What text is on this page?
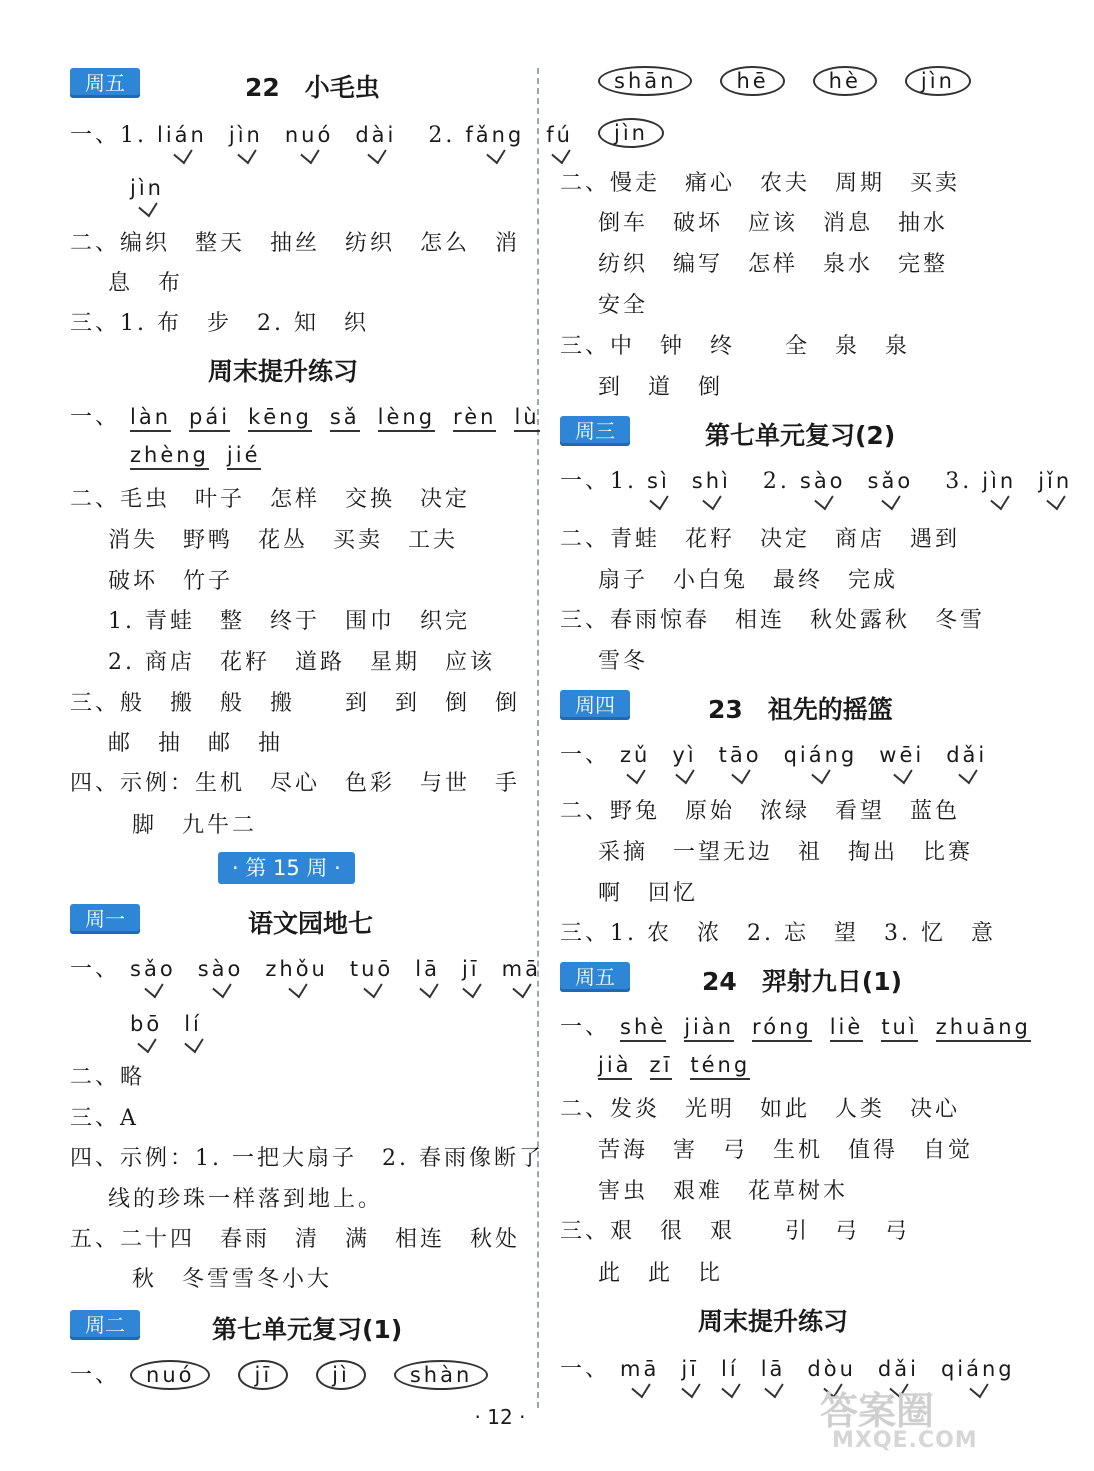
周五	22　小毛虫
一、1. lián jìn nuó dài 2. fǎng fú
jìn
二、编织　整天　抽丝　纺织　怎么　消
息　布
三、1. 布　步　2. 知　织
周末提升练习
一、 làn pái kēng sǎ lèng rèn lù
zhèng jié
二、毛虫　叶子　怎样　交换　决定
消失　野鸭　花丛　买卖　工夫
破坏　竹子
1. 青蛙　整　终于　围巾　织完
2. 商店　花籽　道路　星期　应该
三、般　搬　般　搬　　到　到　倒　倒
邮　抽　邮　抽
四、示例：生机　尽心　色彩　与世　手
脚　九牛二
· 第 15 周 ·
周一	语文园地七
一、 sǎo sào zhǒu tuō lā jī mā
bō lí
二、略
三、A
四、示例：1. 一把大扇子　2. 春雨像断了
线的珍珠一样落到地上。
五、二十四　春雨　清　满　相连　秋处
秋　冬雪雪冬小大
周二	第七单元复习(1)
一、 nuó	jī	jì	shàn
shān	hē	hè	jìn
jìn
二、慢走　痛心　农夫　周期　买卖
倒车　破坏　应该　消息　抽水
纺织　编写　怎样　泉水　完整
安全
三、中　钟　终　　全　泉　泉
到　道　倒
周三	第七单元复习(2)
一、1. sì shì 2. sào sǎo 3. jìn jǐn
二、青蛙　花籽　决定　商店　遇到
扇子　小白兔　最终　完成
三、春雨惊春　相连　秋处露秋　冬雪
雪冬
周四	23　祖先的摇篮
一、 zǔ yì tāo qiáng wēi dǎi
二、野兔　原始　浓绿　看望　蓝色
采摘　一望无边　祖　掏出　比赛
啊　回忆
三、1. 农　浓　2. 忘　望　3. 忆　意
周五	24　羿射九日(1)
一、 shè jiàn róng liè tuì zhuāng
jià zī téng
二、发炎　光明　如此　人类　决心
苦海　害　弓　生机　值得　自觉
害虫　艰难　花草树木
三、艰　很　艰　　引　弓　弓
此　此　比
周末提升练习
一、 mā jī lí lā dòu dǎi qiáng
· 12 ·	答案圈
MXQE.COM
